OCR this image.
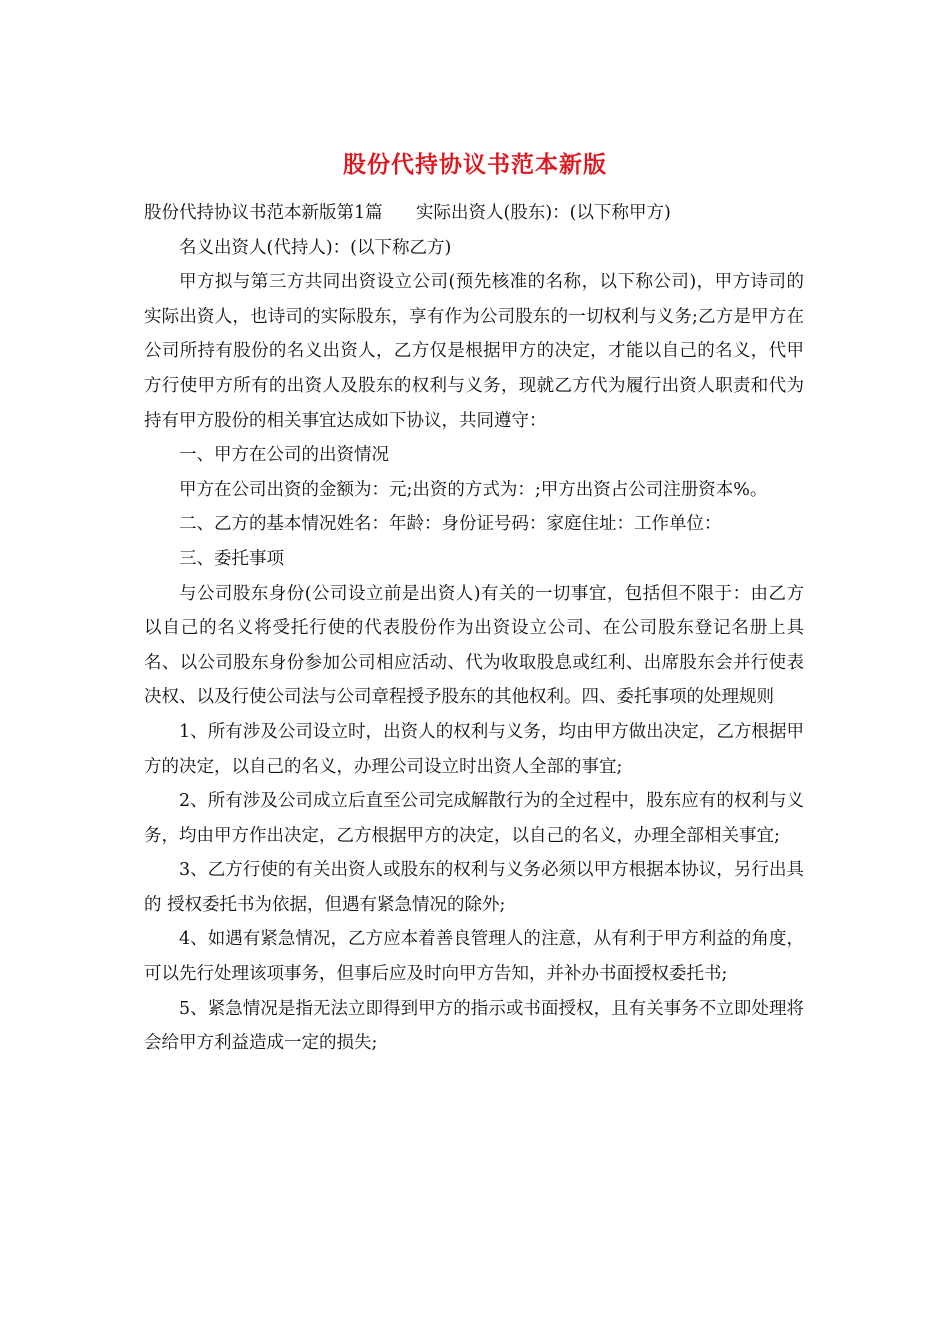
股份代持协议书范本新版

股份代持协议书范本新版第1篇      实际出资人(股东)：(以下称甲方)

名义出资人(代持人)：(以下称乙方)

甲方拟与第三方共同出资设立公司(预先核准的名称，以下称公司)，甲方诗司的实际出资人，也诗司的实际股东，享有作为公司股东的一切权利与义务;乙方是甲方在公司所持有股份的名义出资人，乙方仅是根据甲方的决定，才能以自己的名义，代甲方行使甲方所有的出资人及股东的权利与义务，现就乙方代为履行出资人职责和代为持有甲方股份的相关事宜达成如下协议，共同遵守：

一、甲方在公司的出资情况

甲方在公司出资的金额为：元;出资的方式为：;甲方出资占公司注册资本%。

二、乙方的基本情况姓名：年龄：身份证号码：家庭住址：工作单位：

三、委托事项

与公司股东身份(公司设立前是出资人)有关的一切事宜，包括但不限于：由乙方以自己的名义将受托行使的代表股份作为出资设立公司、在公司股东登记名册上具名、以公司股东身份参加公司相应活动、代为收取股息或红利、出席股东会并行使表决权、以及行使公司法与公司章程授予股东的其他权利。四、委托事项的处理规则

1、所有涉及公司设立时，出资人的权利与义务，均由甲方做出决定，乙方根据甲方的决定，以自己的名义，办理公司设立时出资人全部的事宜;

2、所有涉及公司成立后直至公司完成解散行为的全过程中，股东应有的权利与义务，均由甲方作出决定，乙方根据甲方的决定，以自己的名义，办理全部相关事宜;

3、乙方行使的有关出资人或股东的权利与义务必须以甲方根据本协议，另行出具的 授权委托书为依据，但遇有紧急情况的除外;

4、如遇有紧急情况，乙方应本着善良管理人的注意，从有利于甲方利益的角度，可以先行处理该项事务，但事后应及时向甲方告知，并补办书面授权委托书;

5、紧急情况是指无法立即得到甲方的指示或书面授权，且有关事务不立即处理将会给甲方利益造成一定的损失;
